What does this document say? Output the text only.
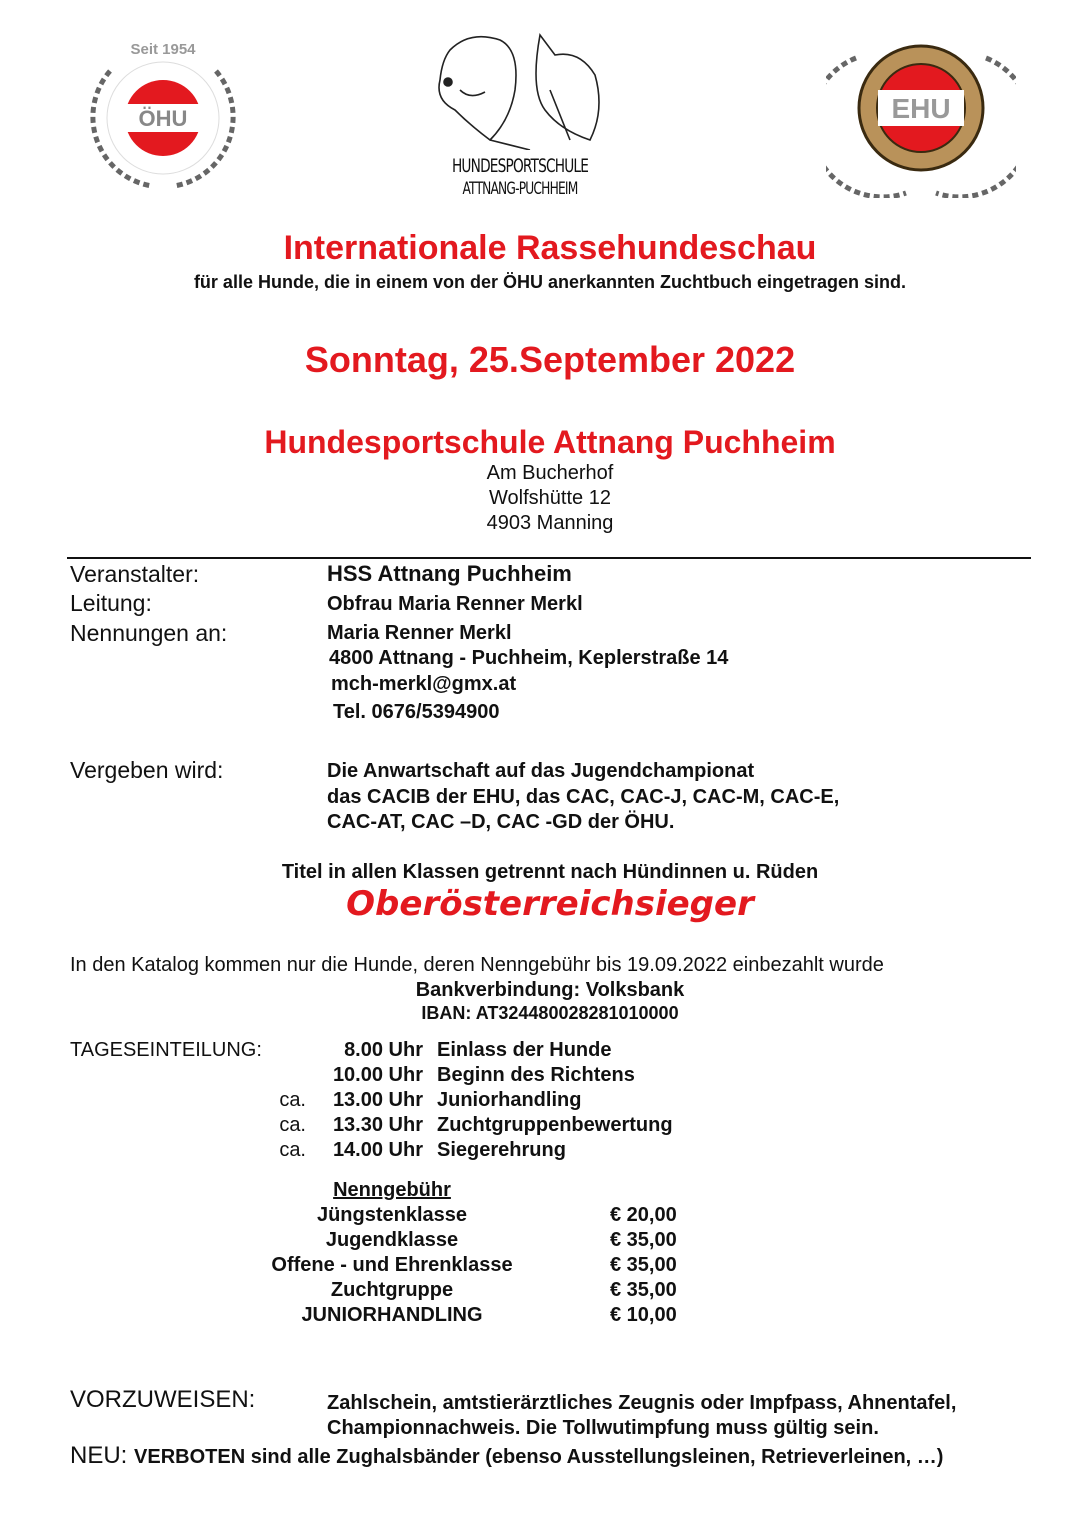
ÖHU
Seit 1954
HUNDESPORTSCHULE
ATTNANG-PUCHHEIM
EHU
Internationale Rassehundeschau
für alle Hunde, die in einem von der ÖHU anerkannten Zuchtbuch eingetragen sind.
Sonntag, 25.September 2022
Hundesportschule Attnang Puchheim
Am Bucherhof
Wolfshütte 12
4903 Manning
Veranstalter:	HSS Attnang Puchheim
Leitung:	Obfrau Maria Renner Merkl
Nennungen an:	Maria Renner Merkl
4800 Attnang - Puchheim, Keplerstraße 14
mch-merkl@gmx.at
Tel. 0676/5394900
Vergeben wird:	Die Anwartschaft auf das Jugendchampionat
das CACIB der EHU, das CAC, CAC-J, CAC-M, CAC-E,
CAC-AT, CAC –D, CAC -GD der ÖHU.
Titel in allen Klassen getrennt nach Hündinnen u. Rüden
Oberösterreichsieger
In den Katalog kommen nur die Hunde, deren Nenngebühr bis 19.09.2022 einbezahlt wurde
Bankverbindung: Volksbank
IBAN: AT324480028281010000
TAGESEINTEILUNG:	8.00 Uhr Einlass der Hunde
10.00 Uhr Beginn des Richtens
ca.	13.00 Uhr Juniorhandling
ca.	13.30 Uhr Zuchtgruppenbewertung
ca.	14.00 Uhr Siegerehrung
Nenngebühr
Jüngstenklasse	€ 20,00
Jugendklasse	€ 35,00
Offene - und Ehrenklasse	€ 35,00
Zuchtgruppe	€ 35,00
JUNIORHANDLING	€ 10,00
VORZUWEISEN:	Zahlschein, amtstierärztliches Zeugnis oder Impfpass, Ahnentafel,
Championnachweis. Die Tollwutimpfung muss gültig sein.
NEU: VERBOTEN sind alle Zughalsbänder (ebenso Ausstellungsleinen, Retrieverleinen, …)
